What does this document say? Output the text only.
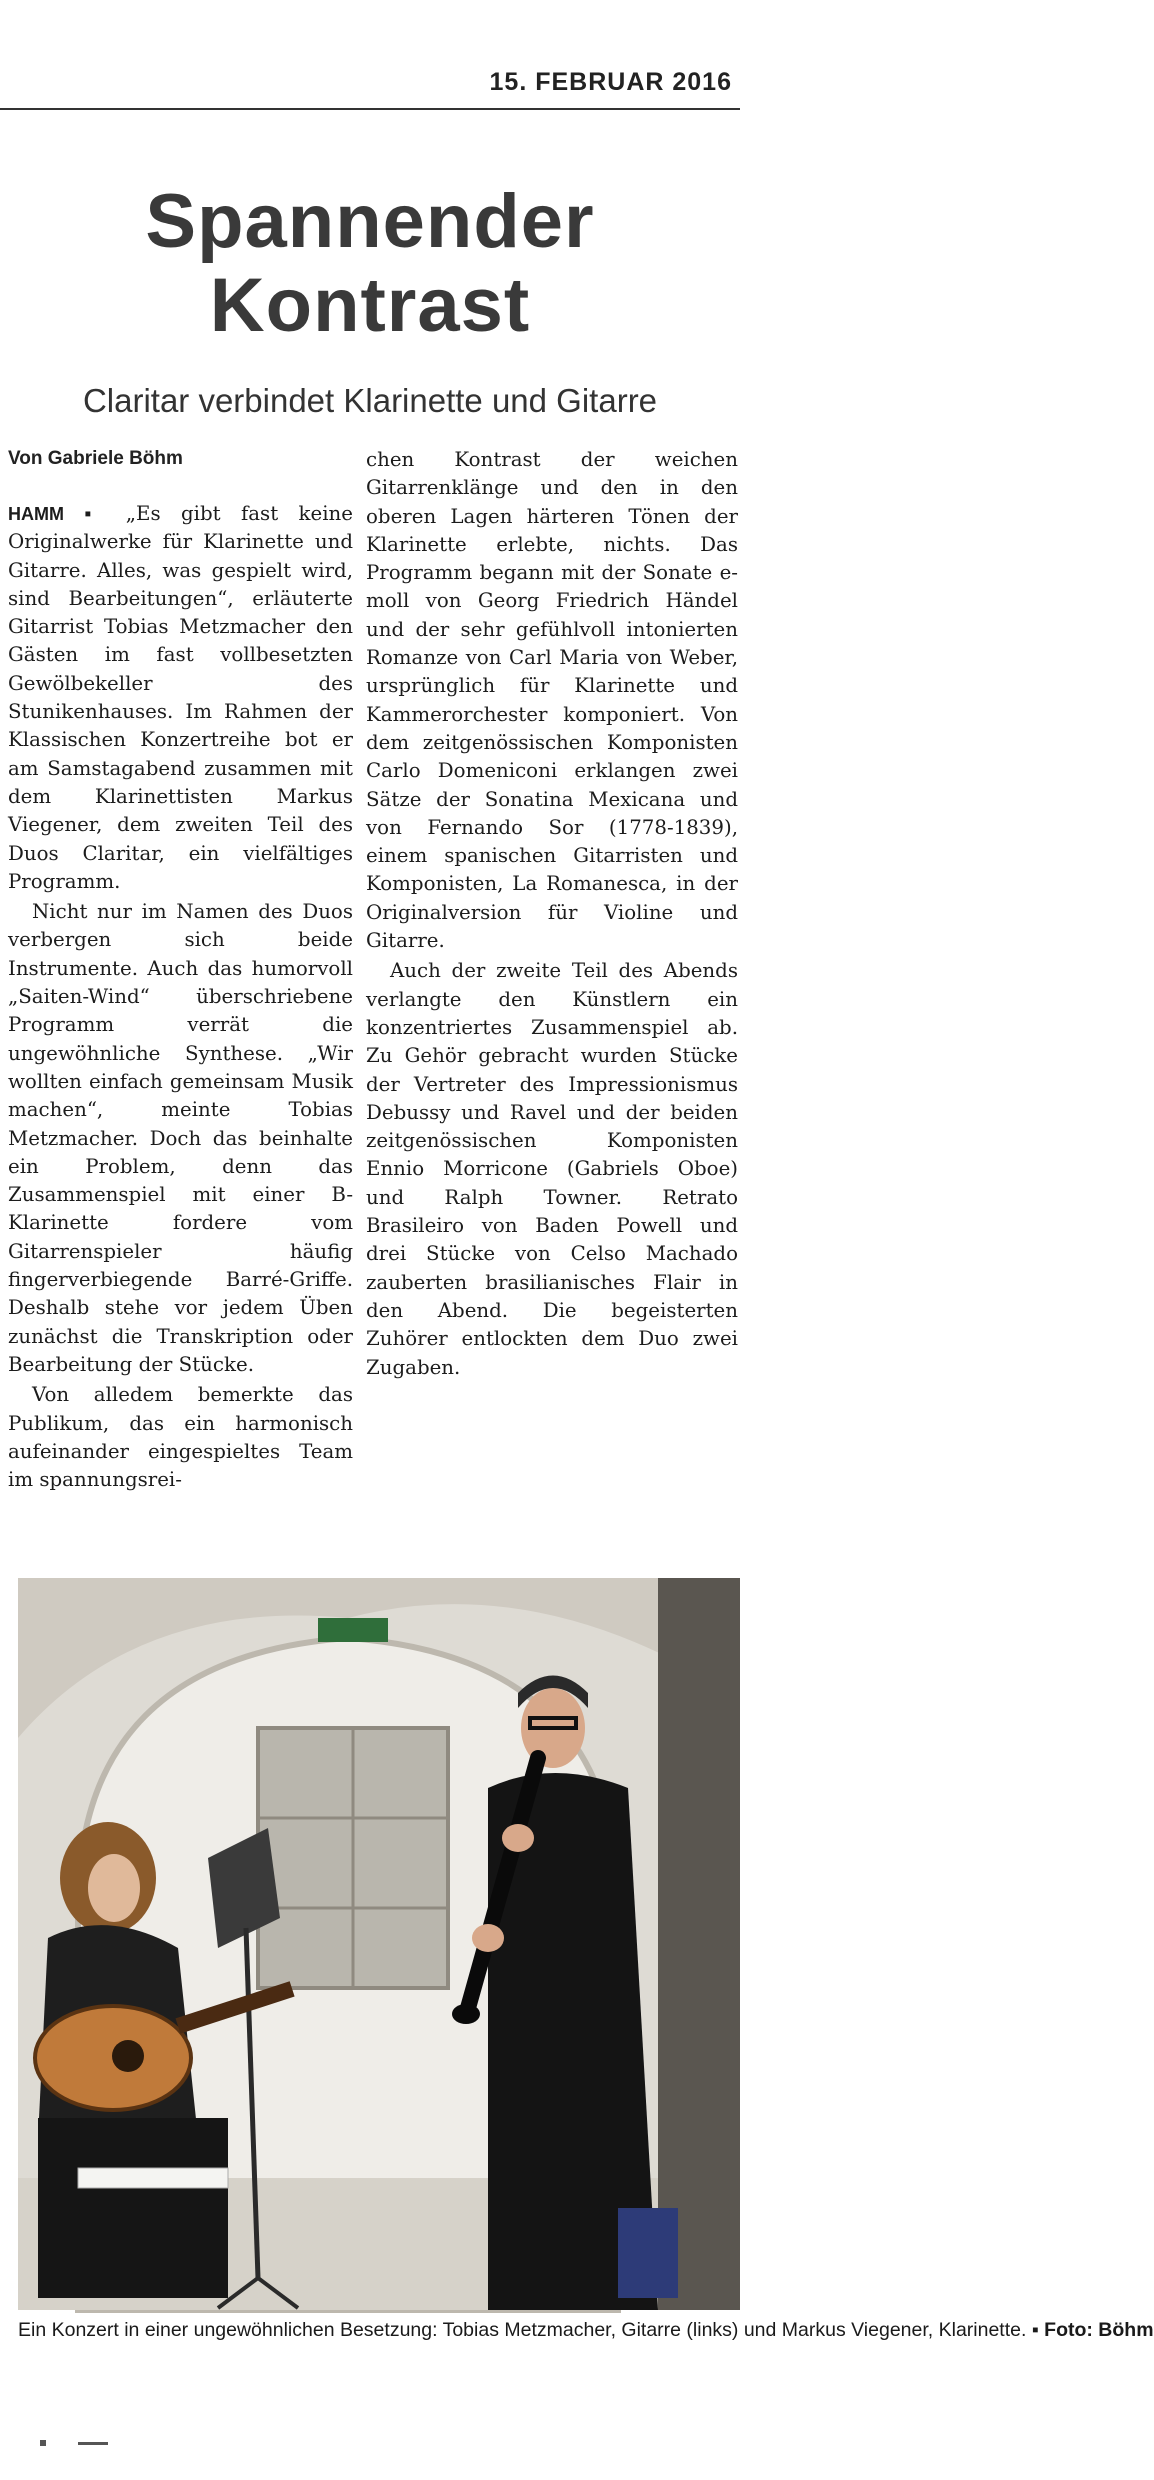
15. FEBRUAR 2016
Spannender
Kontrast
Claritar verbindet Klarinette und Gitarre
Von Gabriele Böhm

HAMM ▪ „Es gibt fast keine Originalwerke für Klarinette und Gitarre. Alles, was gespielt wird, sind Bearbeitungen“, erläuterte Gitarrist Tobias Metzmacher den Gästen im fast vollbesetzten Gewölbekeller des Stunikenhauses. Im Rahmen der Klassischen Konzertreihe bot er am Samstagabend zusammen mit dem Klarinettisten Markus Viegener, dem zweiten Teil des Duos Claritar, ein vielfältiges Programm.

Nicht nur im Namen des Duos verbergen sich beide Instrumente. Auch das humorvoll „Saiten-Wind“ überschriebene Programm verrät die ungewöhnliche Synthese. „Wir wollten einfach gemeinsam Musik machen“, meinte Tobias Metzmacher. Doch das beinhalte ein Problem, denn das Zusammenspiel mit einer B-Klarinette fordere vom Gitarrenspieler häufig fingerverbiegende Barré-Griffe. Deshalb stehe vor jedem Üben zunächst die Transkription oder Bearbeitung der Stücke.

Von alledem bemerkte das Publikum, das ein harmonisch aufeinander eingespieltes Team im spannungsrei-

chen Kontrast der weichen Gitarrenklänge und den in den oberen Lagen härteren Tönen der Klarinette erlebte, nichts. Das Programm begann mit der Sonate e-moll von Georg Friedrich Händel und der sehr gefühlvoll intonierten Romanze von Carl Maria von Weber, ursprünglich für Klarinette und Kammerorchester komponiert. Von dem zeitgenössischen Komponisten Carlo Domeniconi erklangen zwei Sätze der Sonatina Mexicana und von Fernando Sor (1778-1839), einem spanischen Gitarristen und Komponisten, La Romanesca, in der Originalversion für Violine und Gitarre.

Auch der zweite Teil des Abends verlangte den Künstlern ein konzentriertes Zusammenspiel ab. Zu Gehör gebracht wurden Stücke der Vertreter des Impressionismus Debussy und Ravel und der beiden zeitgenössischen Komponisten Ennio Morricone (Gabriels Oboe) und Ralph Towner. Retrato Brasileiro von Baden Powell und drei Stücke von Celso Machado zauberten brasilianisches Flair in den Abend. Die begeisterten Zuhörer entlockten dem Duo zwei Zugaben.

Ein Konzert in einer ungewöhnlichen Besetzung: Tobias Metzmacher, Gitarre (links) und Markus Viegener, Klarinette. ▪ Foto: Böhm
